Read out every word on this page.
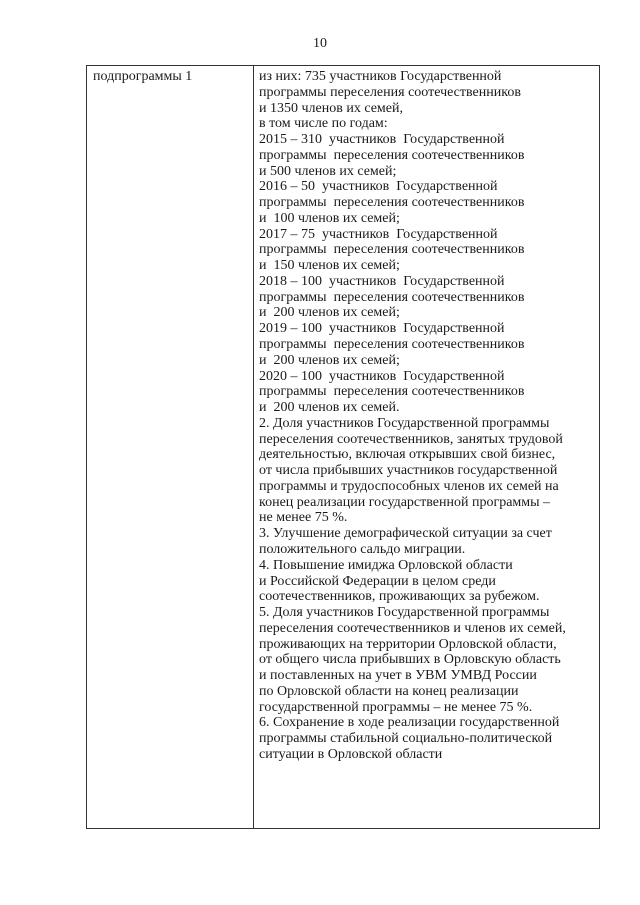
10
подпрограммы 1	из них: 735 участников Государственной
программы переселения соотечественников
и 1350 членов их семей,
в том числе по годам:
2015 – 310  участников  Государственной
программы  переселения соотечественников
и 500 членов их семей;
2016 – 50  участников  Государственной
программы  переселения соотечественников
и  100 членов их семей;
2017 – 75  участников  Государственной
программы  переселения соотечественников
и  150 членов их семей;
2018 – 100  участников  Государственной
программы  переселения соотечественников
и  200 членов их семей;
2019 – 100  участников  Государственной
программы  переселения соотечественников
и  200 членов их семей;
2020 – 100  участников  Государственной
программы  переселения соотечественников
и  200 членов их семей.
2. Доля участников Государственной программы
переселения соотечественников, занятых трудовой
деятельностью, включая открывших свой бизнес,
от числа прибывших участников государственной
программы и трудоспособных членов их семей на
конец реализации государственной программы –
не менее 75 %.
3. Улучшение демографической ситуации за счет
положительного сальдо миграции.
4. Повышение имиджа Орловской области
и Российской Федерации в целом среди
соотечественников, проживающих за рубежом.
5. Доля участников Государственной программы
переселения соотечественников и членов их семей,
проживающих на территории Орловской области,
от общего числа прибывших в Орловскую область
и поставленных на учет в УВМ УМВД России
по Орловской области на конец реализации
государственной программы – не менее 75 %.
6. Сохранение в ходе реализации государственной
программы стабильной социально-политической
ситуации в Орловской области
